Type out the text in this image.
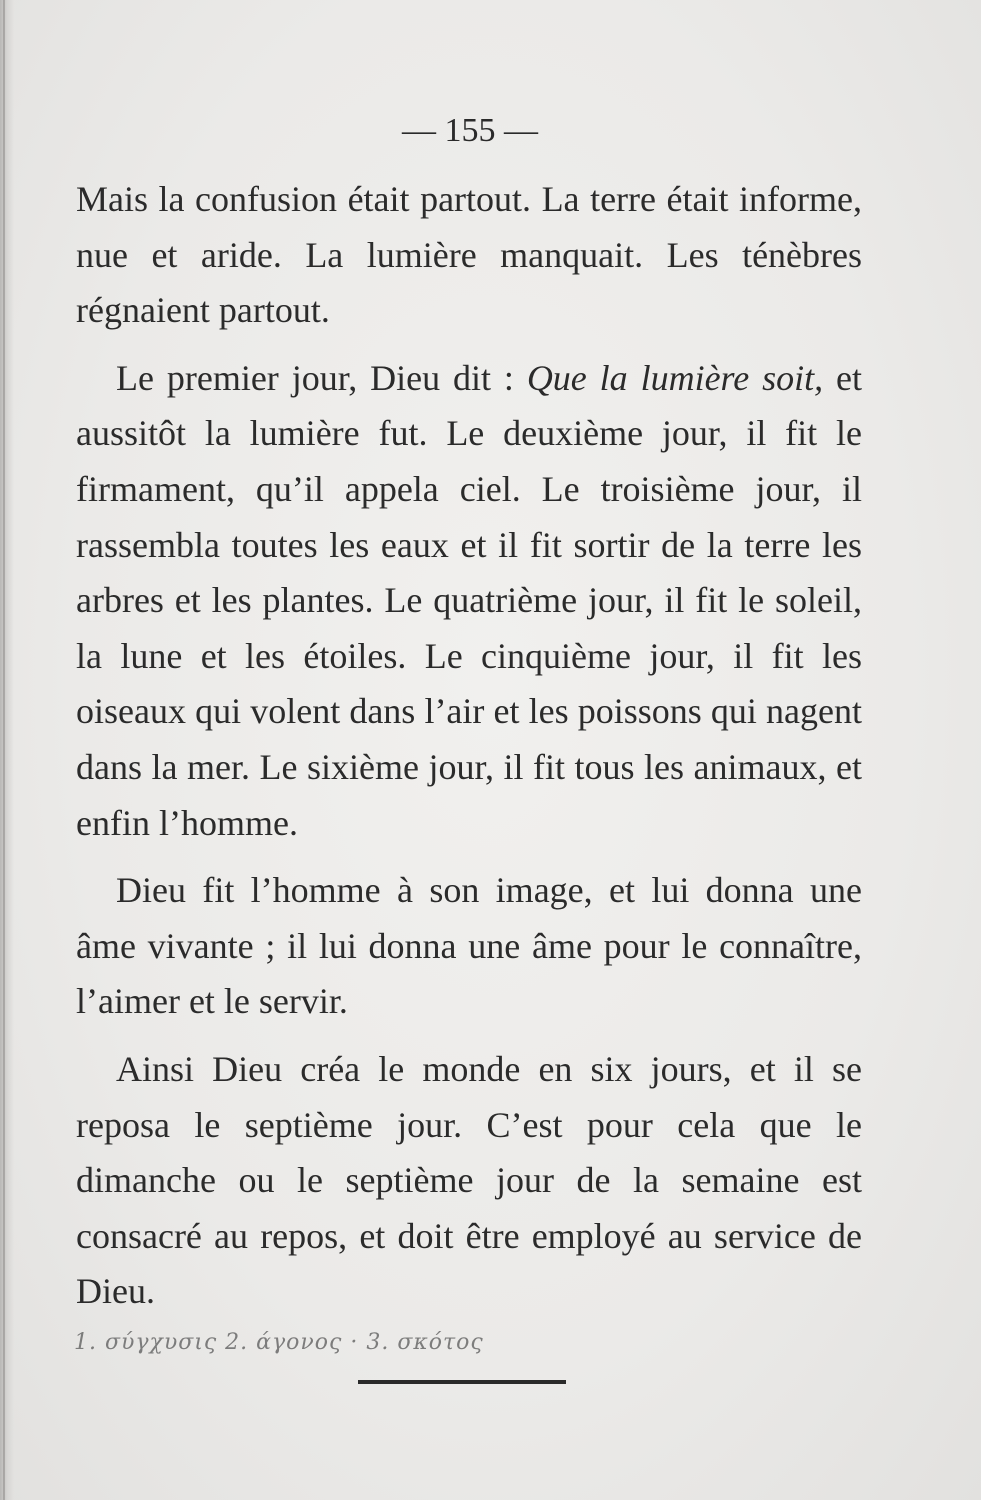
— 155 —

Mais la confusion était partout. La terre était informe, nue et aride. La lumière manquait. Les ténèbres régnaient partout.

Le premier jour, Dieu dit : Que la lumière soit, et aussitôt la lumière fut. Le deuxième jour, il fit le firmament, qu’il appela ciel. Le troisième jour, il rassembla toutes les eaux et il fit sortir de la terre les arbres et les plantes. Le quatrième jour, il fit le soleil, la lune et les étoiles. Le cinquième jour, il fit les oiseaux qui volent dans l’air et les poissons qui nagent dans la mer. Le sixième jour, il fit tous les animaux, et enfin l’homme.

Dieu fit l’homme à son image, et lui donna une âme vivante ; il lui donna une âme pour le connaître, l’aimer et le servir.

Ainsi Dieu créa le monde en six jours, et il se reposa le septième jour. C’est pour cela que le dimanche ou le septième jour de la semaine est consacré au repos, et doit être employé au service de Dieu.

1. σύγχυσις 2. άγονος · 3. σκότος
